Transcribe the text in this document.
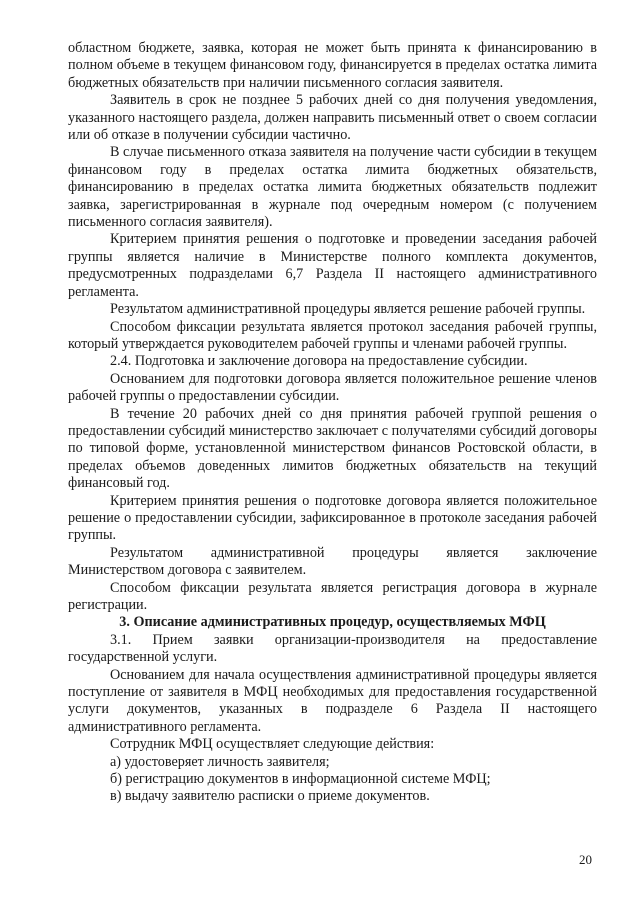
областном бюджете, заявка, которая не может быть принята к финансированию в полном объеме в текущем финансовом году, финансируется в пределах остатка лимита бюджетных обязательств при наличии письменного согласия заявителя.

Заявитель в срок не позднее 5 рабочих дней со дня получения уведомления, указанного настоящего раздела, должен направить письменный ответ о своем согласии или об отказе в получении субсидии частично.

В случае письменного отказа заявителя на получение части субсидии в текущем финансовом году в пределах остатка лимита бюджетных обязательств, финансированию в пределах остатка лимита бюджетных обязательств подлежит заявка, зарегистрированная в журнале под очередным номером (с получением письменного согласия заявителя).

Критерием принятия решения о подготовке и проведении заседания рабочей группы является наличие в Министерстве полного комплекта документов, предусмотренных подразделами 6,7 Раздела II настоящего административного регламента.

Результатом административной процедуры является решение рабочей группы.

Способом фиксации результата является протокол заседания рабочей группы, который утверждается руководителем рабочей группы и членами рабочей группы.

2.4. Подготовка и заключение договора на предоставление субсидии.

Основанием для подготовки договора является положительное решение членов рабочей группы о предоставлении субсидии.

В течение 20 рабочих дней со дня принятия рабочей группой решения о предоставлении субсидий министерство заключает с получателями субсидий договоры по типовой форме, установленной министерством финансов Ростовской области, в пределах объемов доведенных лимитов бюджетных обязательств на текущий финансовый год.

Критерием принятия решения о подготовке договора является положительное решение о предоставлении субсидии, зафиксированное в протоколе заседания рабочей группы.

Результатом административной процедуры является заключение Министерством договора с заявителем.

Способом фиксации результата является регистрация договора в журнале регистрации.

3. Описание административных процедур, осуществляемых МФЦ

3.1. Прием заявки организации-производителя на предоставление государственной услуги.

Основанием для начала осуществления административной процедуры является поступление от заявителя в МФЦ необходимых для предоставления государственной услуги документов, указанных в подразделе 6 Раздела II настоящего административного регламента.

Сотрудник МФЦ осуществляет следующие действия:

а) удостоверяет личность заявителя;

б) регистрацию документов в информационной системе МФЦ;

в) выдачу заявителю расписки о приеме документов.

20
